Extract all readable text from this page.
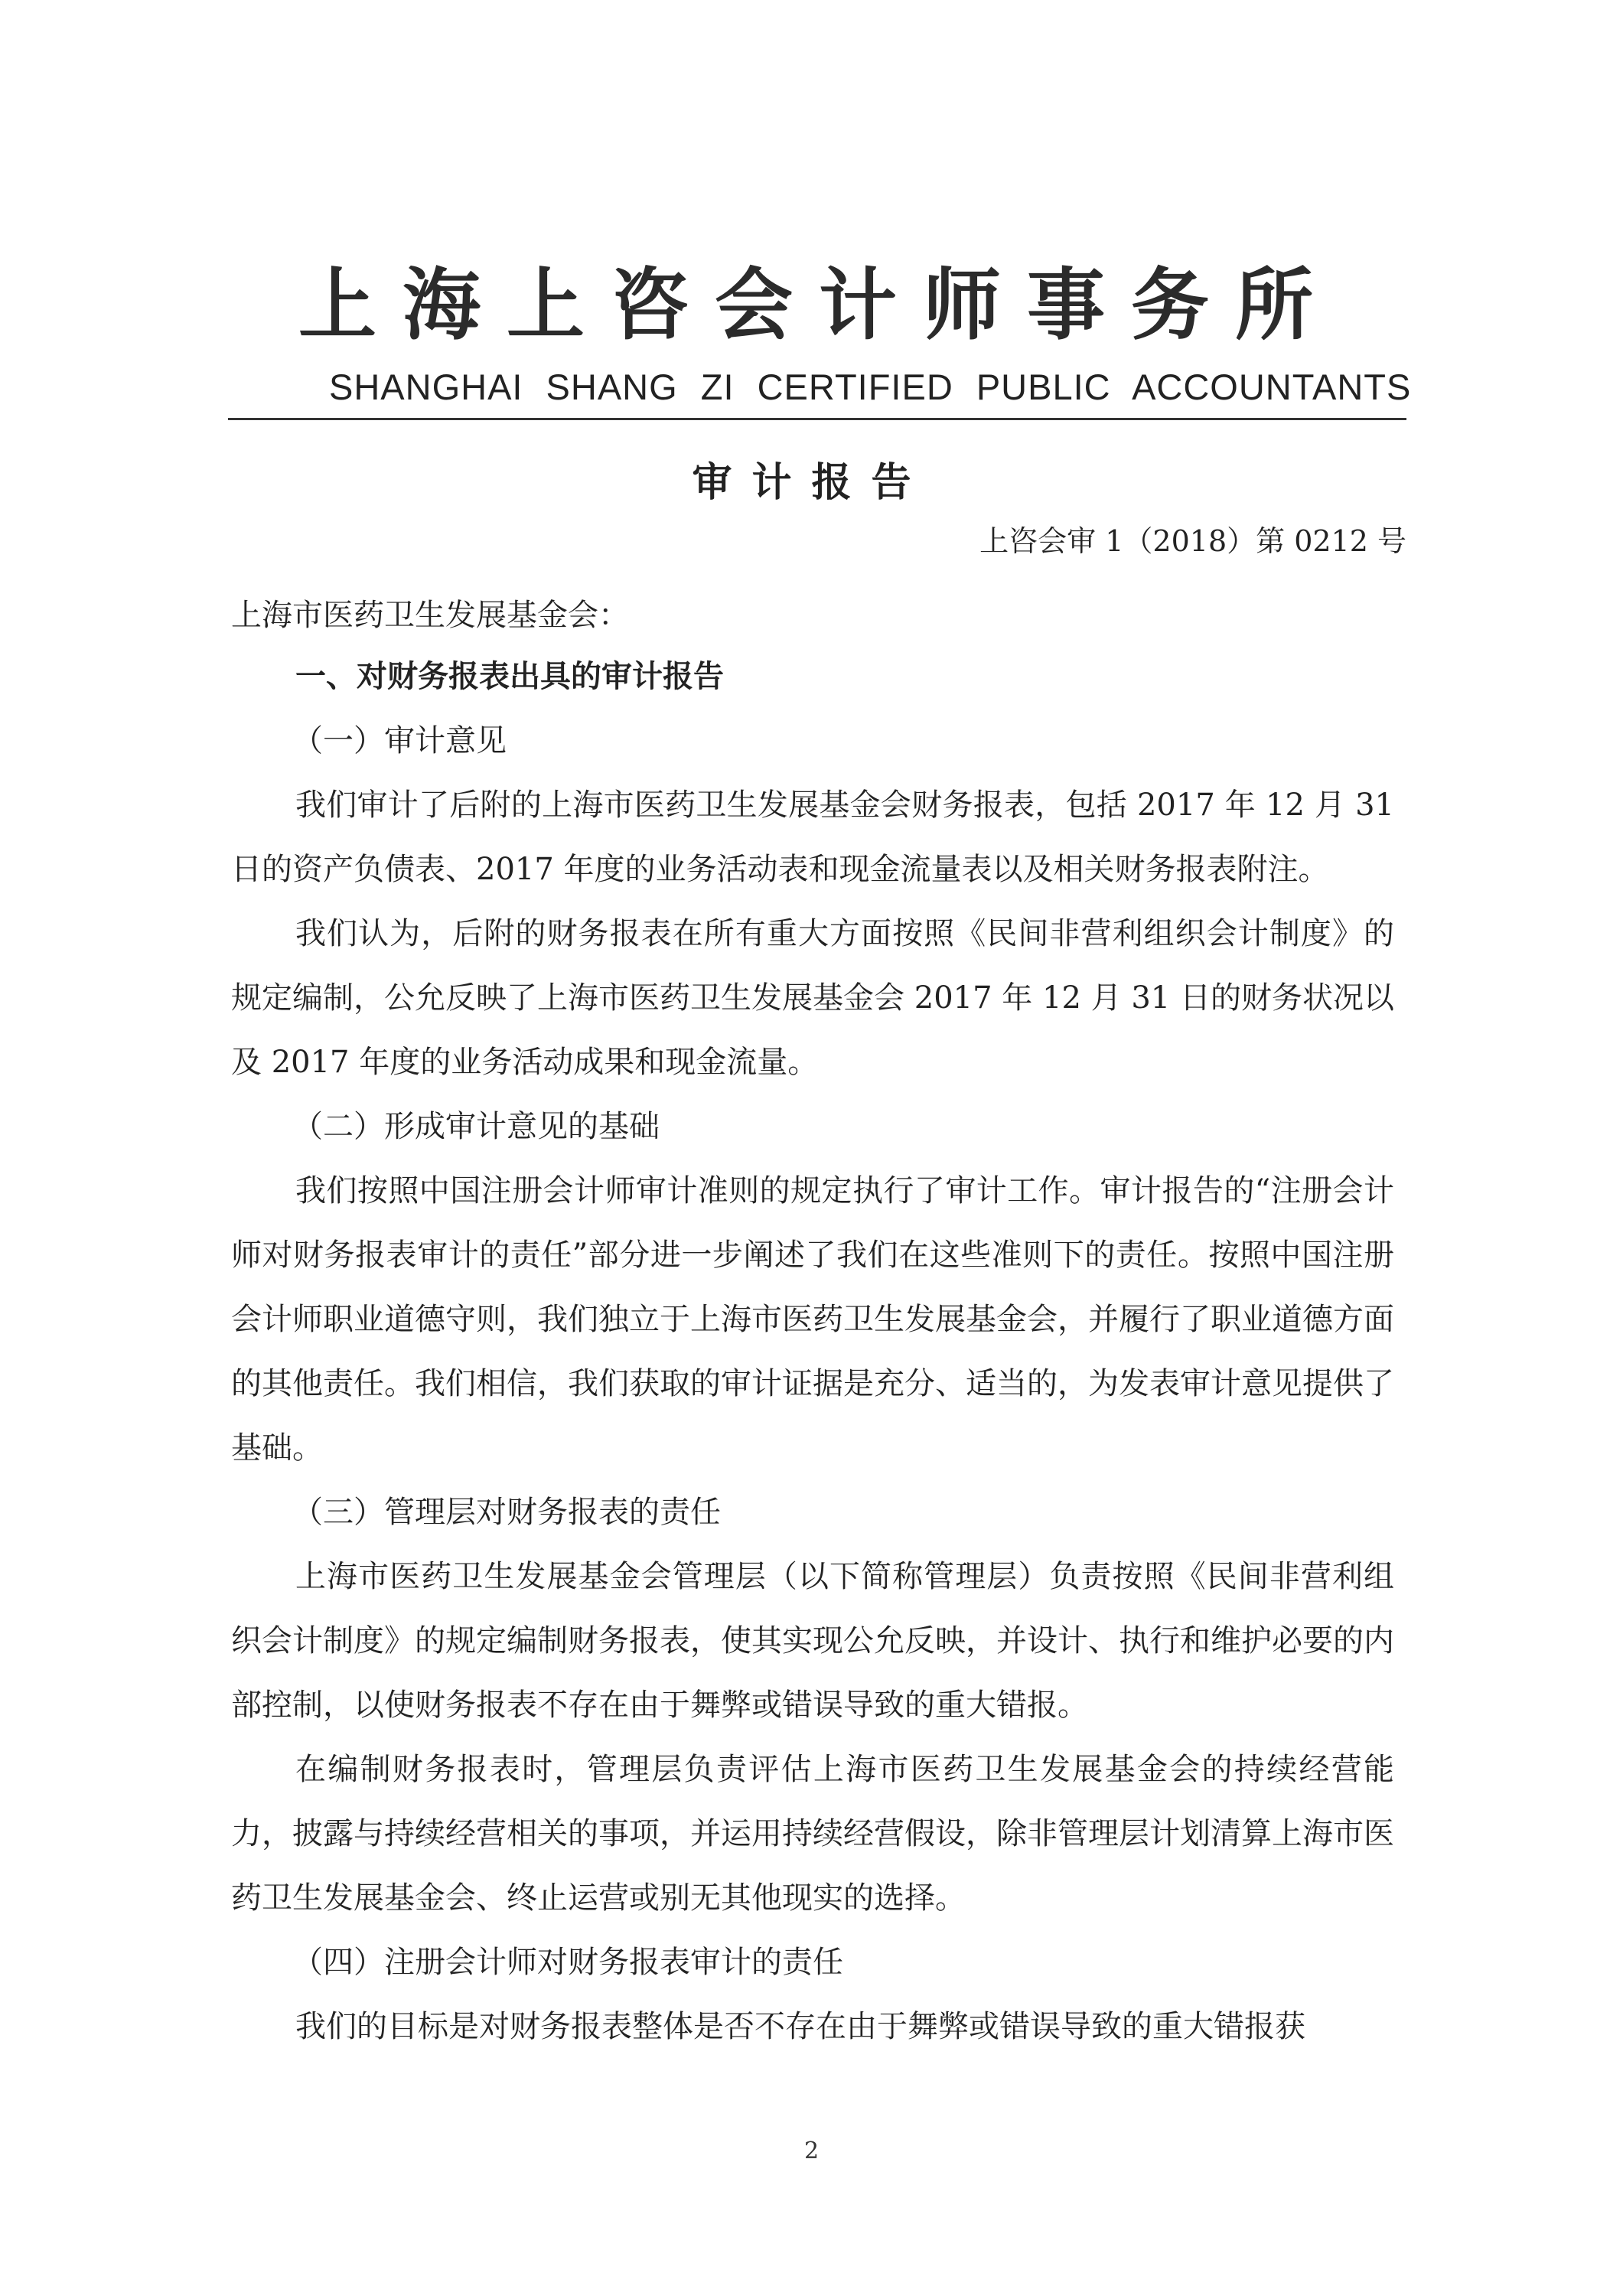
上海上咨会计师事务所
SHANGHAI SHANG ZI CERTIFIED PUBLIC ACCOUNTANTS
审计报告
上咨会审 1（2018）第 0212 号
上海市医药卫生发展基金会：
一、对财务报表出具的审计报告
（一）审计意见
我们审计了后附的上海市医药卫生发展基金会财务报表，包括 2017 年 12 月 31 日的资产负债表、2017 年度的业务活动表和现金流量表以及相关财务报表附注。
我们认为，后附的财务报表在所有重大方面按照《民间非营利组织会计制度》的规定编制，公允反映了上海市医药卫生发展基金会 2017 年 12 月 31 日的财务状况以及 2017 年度的业务活动成果和现金流量。
（二）形成审计意见的基础
我们按照中国注册会计师审计准则的规定执行了审计工作。审计报告的“注册会计师对财务报表审计的责任”部分进一步阐述了我们在这些准则下的责任。按照中国注册会计师职业道德守则，我们独立于上海市医药卫生发展基金会，并履行了职业道德方面的其他责任。我们相信，我们获取的审计证据是充分、适当的，为发表审计意见提供了基础。
（三）管理层对财务报表的责任
上海市医药卫生发展基金会管理层（以下简称管理层）负责按照《民间非营利组织会计制度》的规定编制财务报表，使其实现公允反映，并设计、执行和维护必要的内部控制，以使财务报表不存在由于舞弊或错误导致的重大错报。
在编制财务报表时，管理层负责评估上海市医药卫生发展基金会的持续经营能力，披露与持续经营相关的事项，并运用持续经营假设，除非管理层计划清算上海市医药卫生发展基金会、终止运营或别无其他现实的选择。
（四）注册会计师对财务报表审计的责任
我们的目标是对财务报表整体是否不存在由于舞弊或错误导致的重大错报获
2
